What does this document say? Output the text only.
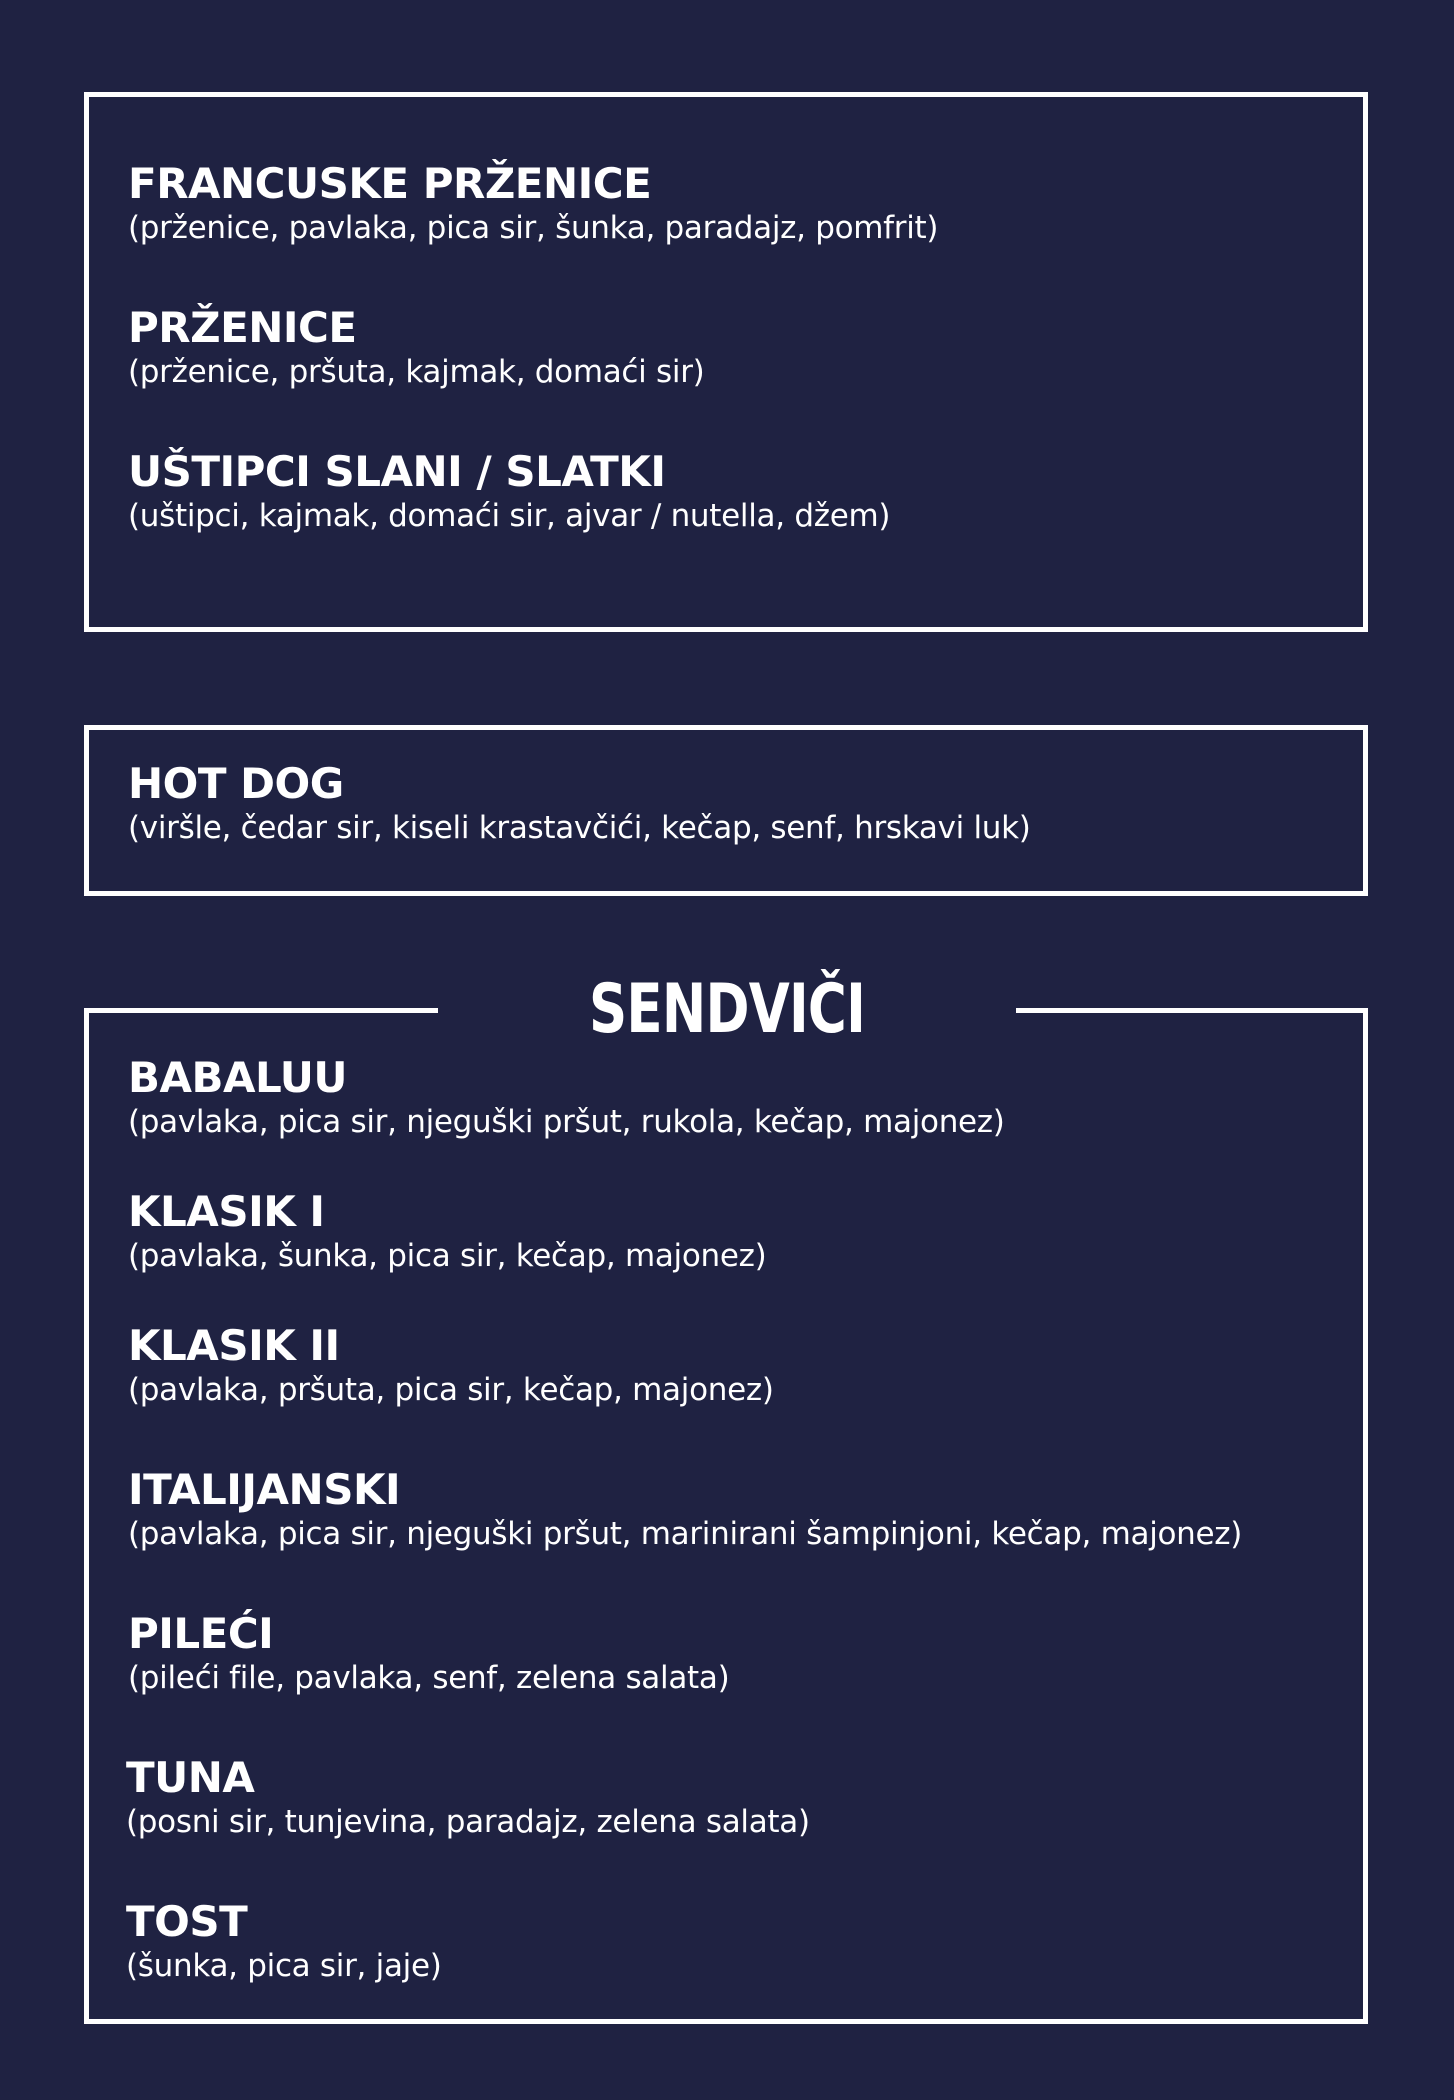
FRANCUSKE PRŽENICE
(prženice, pavlaka, pica sir, šunka, paradajz, pomfrit)
PRŽENICE
(prženice, pršuta, kajmak, domaći sir)
UŠTIPCI SLANI / SLATKI
(uštipci, kajmak, domaći sir, ajvar / nutella, džem)
HOT DOG
(viršle, čedar sir, kiseli krastavčići, kečap, senf, hrskavi luk)
SENDVIČI
BABALUU
(pavlaka, pica sir, njeguški pršut, rukola, kečap, majonez)
KLASIK I
(pavlaka, šunka, pica sir, kečap, majonez)
KLASIK II
(pavlaka, pršuta, pica sir, kečap, majonez)
ITALIJANSKI
(pavlaka, pica sir, njeguški pršut, marinirani šampinjoni, kečap, majonez)
PILEĆI
(pileći file, pavlaka, senf, zelena salata)
TUNA
(posni sir, tunjevina, paradajz, zelena salata)
TOST
(šunka, pica sir, jaje)
